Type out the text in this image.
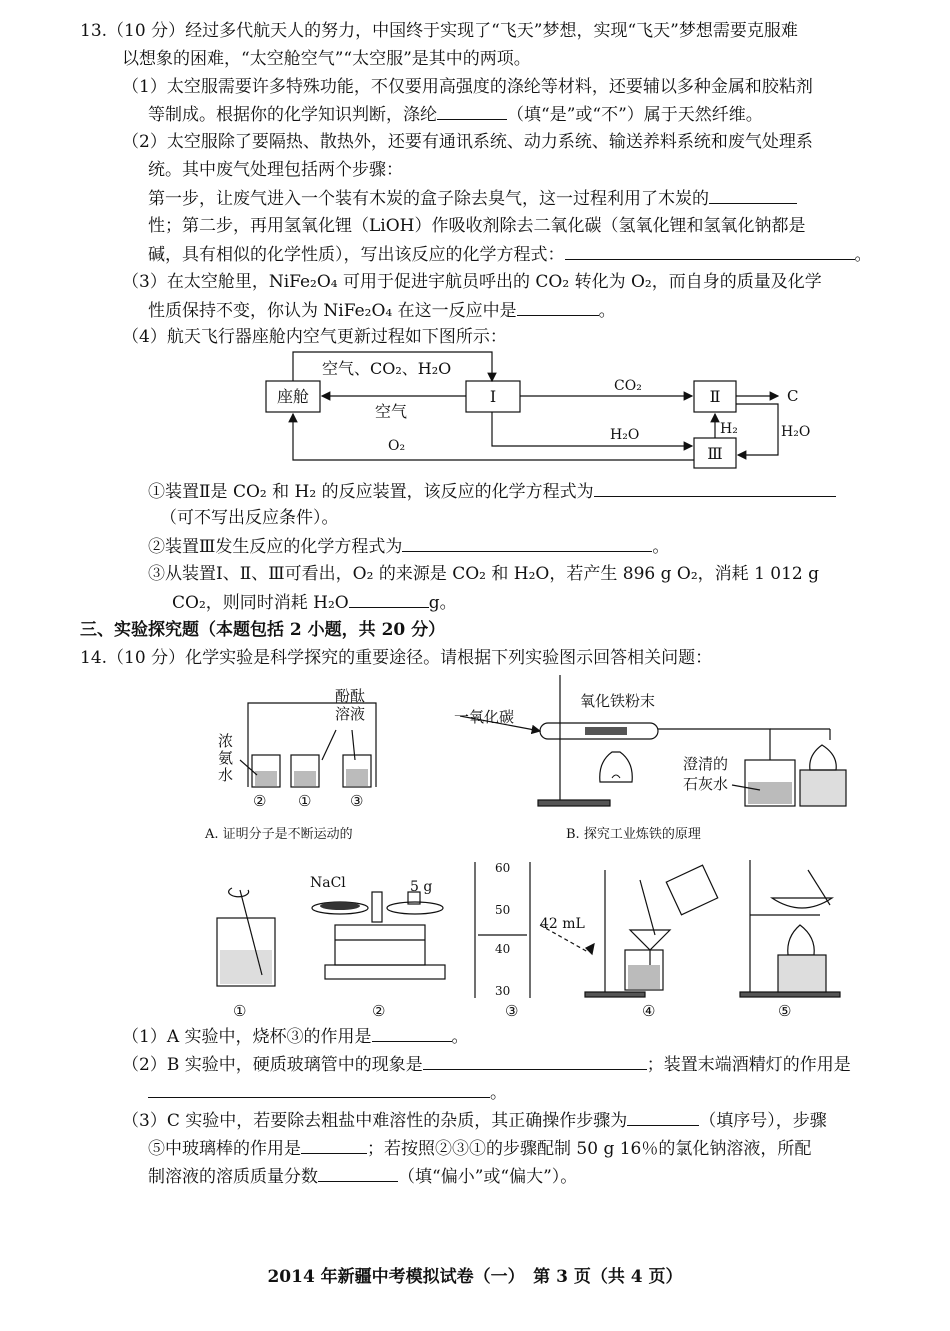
13.（10 分）经过多代航天人的努力，中国终于实现了“飞天”梦想，实现“飞天”梦想需要克服难
以想象的困难，“太空舱空气”“太空服”是其中的两项。
（1）太空服需要许多特殊功能，不仅要用高强度的涤纶等材料，还要辅以多种金属和胶粘剂
等制成。根据你的化学知识判断，涤纶	（填“是”或“不”）属于天然纤维。
（2）太空服除了要隔热、散热外，还要有通讯系统、动力系统、输送养料系统和废气处理系
统。其中废气处理包括两个步骤：
第一步，让废气进入一个装有木炭的盒子除去臭气，这一过程利用了木炭的
性；第二步，再用氢氧化锂（LiOH）作吸收剂除去二氧化碳（氢氧化锂和氢氧化钠都是
碱，具有相似的化学性质），写出该反应的化学方程式：	。
（3）在太空舱里，NiFe₂O₄ 可用于促进宇航员呼出的 CO₂ 转化为 O₂，而自身的质量及化学
性质保持不变，你认为 NiFe₂O₄ 在这一反应中是	。
（4）航天飞行器座舱内空气更新过程如下图所示：
座舱	Ⅰ	Ⅱ
Ⅲ
空气、CO₂、H₂O
空气
O₂
CO₂
H₂O	H₂
C
H₂O
①装置Ⅱ是 CO₂ 和 H₂ 的反应装置，该反应的化学方程式为
（可不写出反应条件）。
②装置Ⅲ发生反应的化学方程式为	。
③从装置Ⅰ、Ⅱ、Ⅲ可看出，O₂ 的来源是 CO₂ 和 H₂O，若产生 896 g O₂，消耗 1 012 g
CO₂，则同时消耗 H₂O	g。
三、实验探究题（本题包括 2 小题，共 20 分）
14.（10 分）化学实验是科学探究的重要途径。请根据下列实验图示回答相关问题：
酚酞
溶液
浓
氨
水
② ①	③
A. 证明分子是不断运动的
一氧化碳
氧化铁粉末
澄清的
石灰水
B. 探究工业炼铁的原理
NaCl	5 g
60
50
40
30
42 mL
①	②	③	④	⑤
（1）A 实验中，烧杯③的作用是	。
（2）B 实验中，硬质玻璃管中的现象是	；装置末端酒精灯的作用是
。
（3）C 实验中，若要除去粗盐中难溶性的杂质，其正确操作步骤为	（填序号），步骤
⑤中玻璃棒的作用是	；若按照②③①的步骤配制 50 g 16％的氯化钠溶液，所配
制溶液的溶质质量分数	（填“偏小”或“偏大”）。
2014 年新疆中考模拟试卷（一）　第 3 页（共 4 页）
